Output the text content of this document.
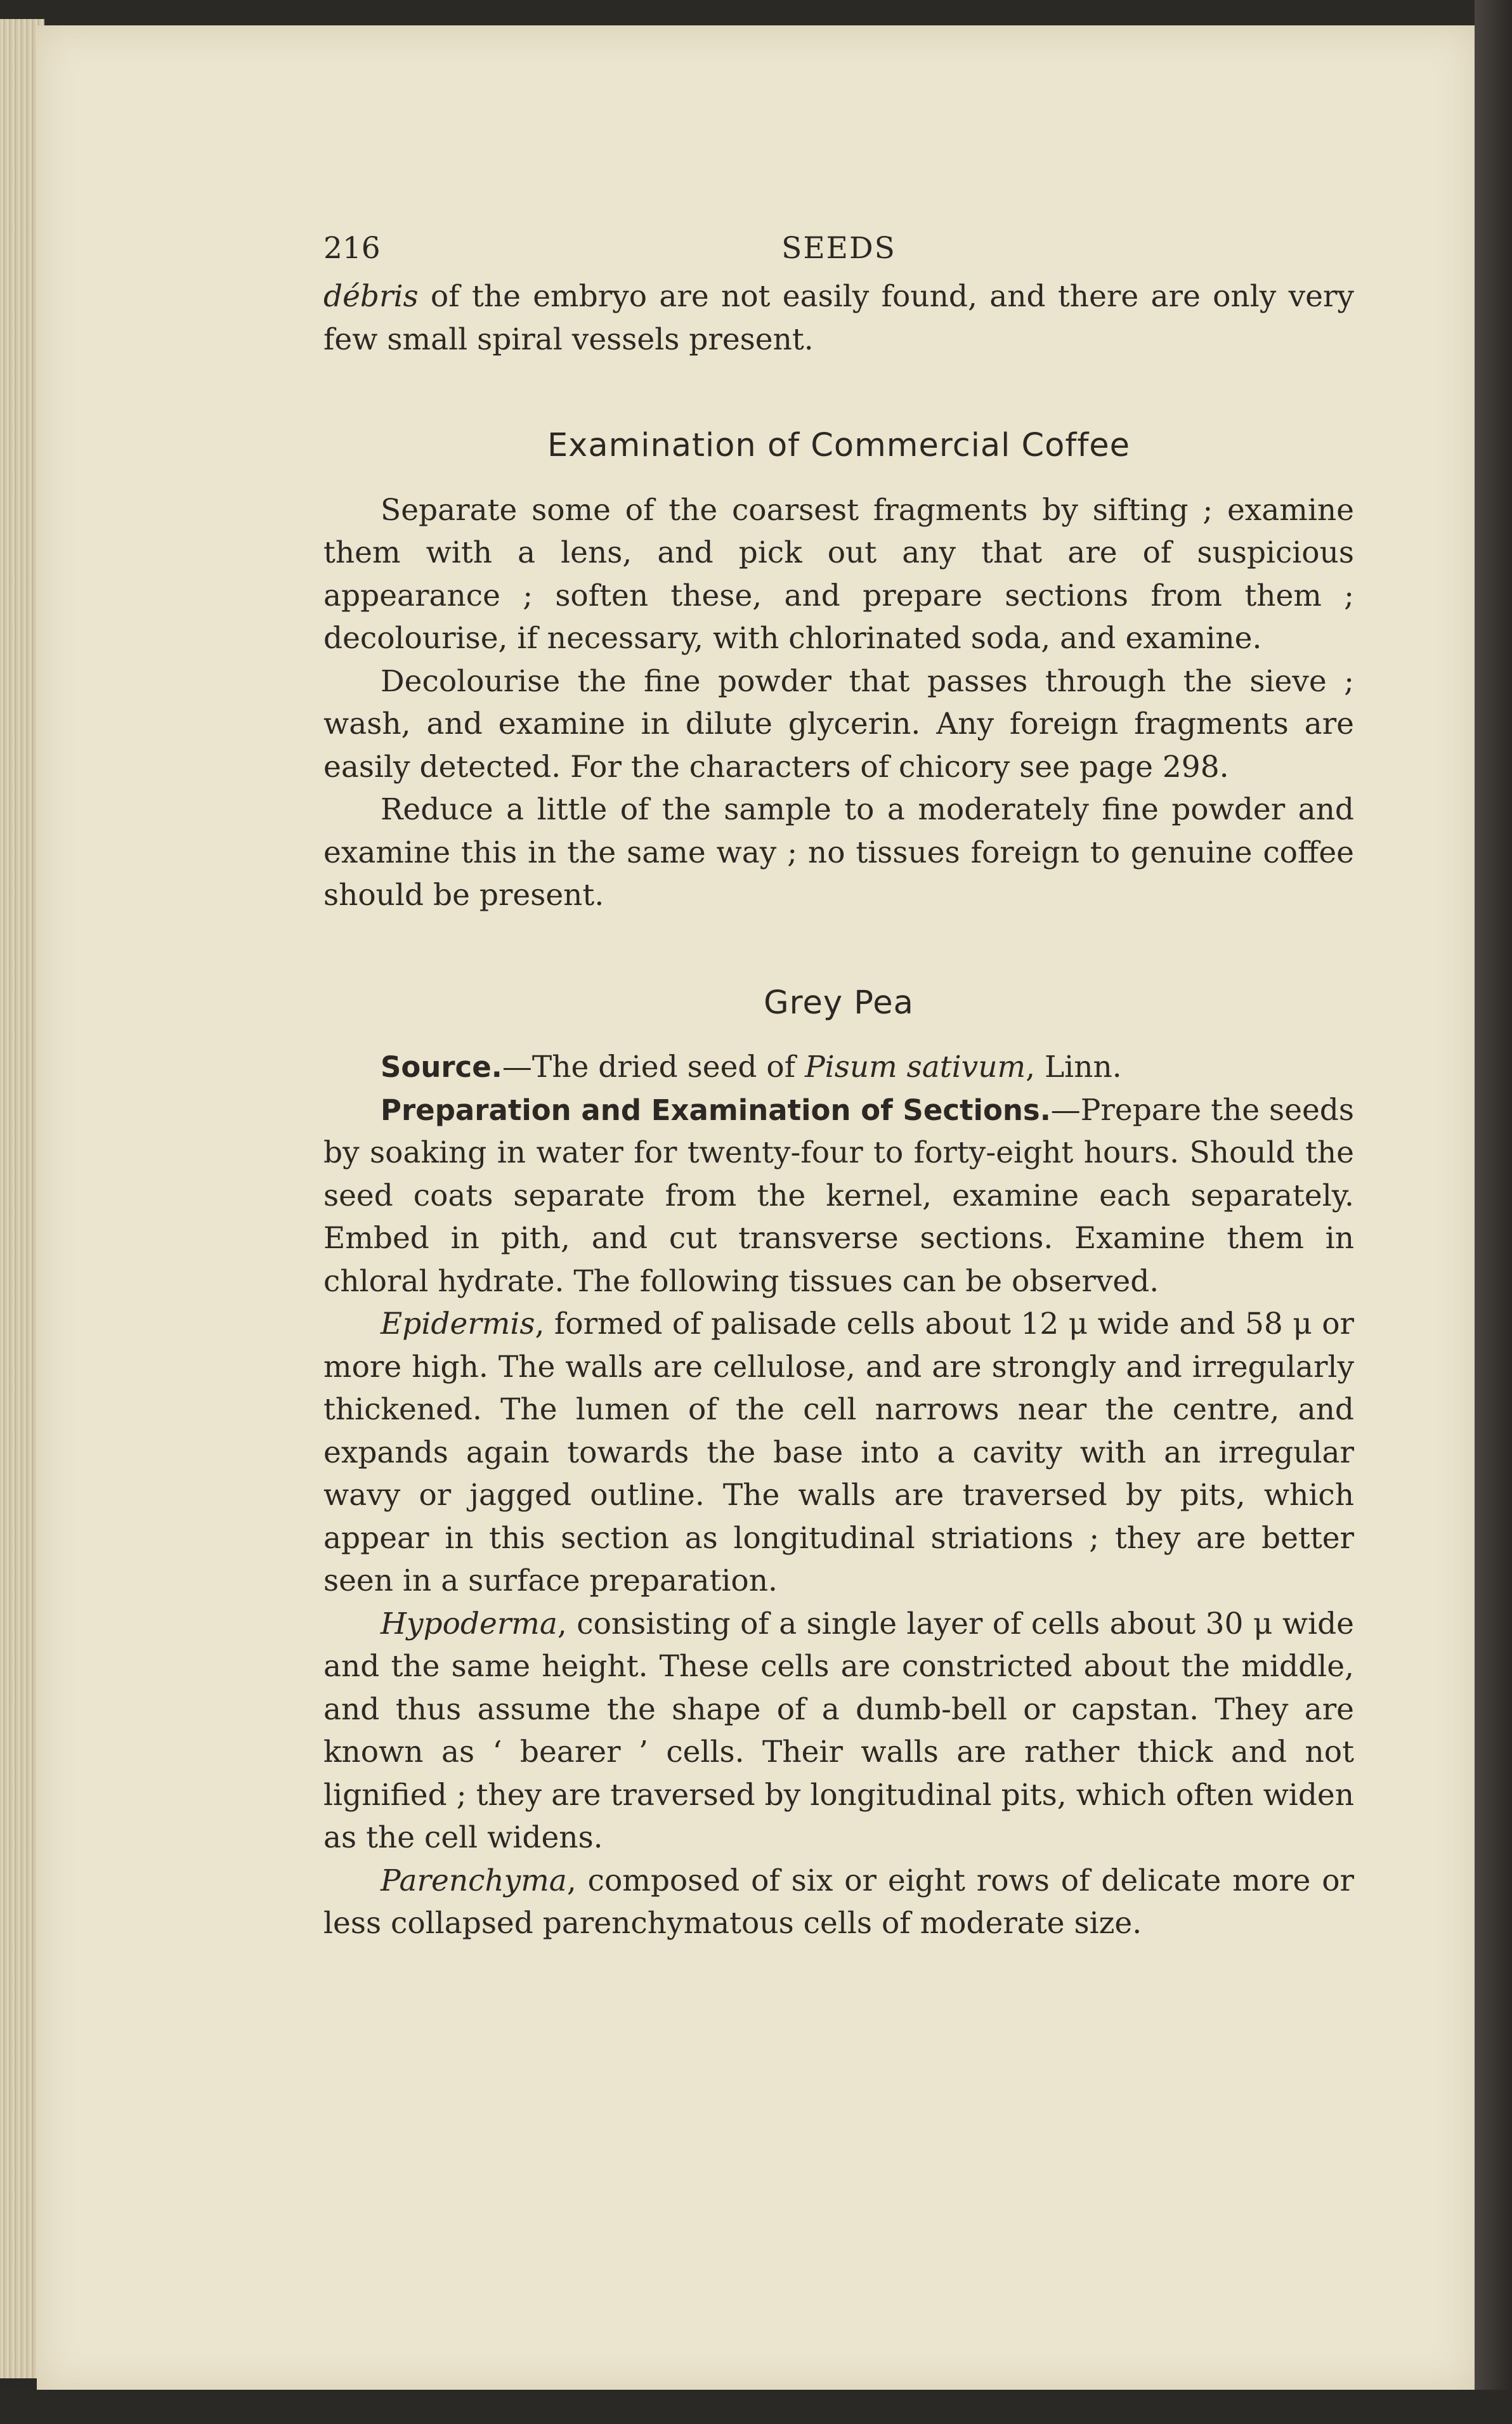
216	SEEDS

débris of the embryo are not easily found, and there are only very few small spiral vessels present.

Examination of Commercial Coffee

Separate some of the coarsest fragments by sifting ; examine them with a lens, and pick out any that are of suspicious appearance ; soften these, and prepare sections from them ; decolourise, if necessary, with chlorinated soda, and examine.

Decolourise the fine powder that passes through the sieve ; wash, and examine in dilute glycerin. Any foreign fragments are easily detected. For the characters of chicory see page 298.

Reduce a little of the sample to a moderately fine powder and examine this in the same way ; no tissues foreign to genuine coffee should be present.

Grey Pea

Source.—The dried seed of Pisum sativum, Linn.

Preparation and Examination of Sections.—Prepare the seeds by soaking in water for twenty-four to forty-eight hours. Should the seed coats separate from the kernel, examine each separately. Embed in pith, and cut transverse sections. Examine them in chloral hydrate. The following tissues can be observed.

Epidermis, formed of palisade cells about 12 μ wide and 58 μ or more high. The walls are cellulose, and are strongly and irregularly thickened. The lumen of the cell narrows near the centre, and expands again towards the base into a cavity with an irregular wavy or jagged outline. The walls are traversed by pits, which appear in this section as longitudinal striations ; they are better seen in a surface preparation.

Hypoderma, consisting of a single layer of cells about 30 μ wide and the same height. These cells are constricted about the middle, and thus assume the shape of a dumb-bell or capstan. They are known as ‘ bearer ’ cells. Their walls are rather thick and not lignified ; they are traversed by longitudinal pits, which often widen as the cell widens.

Parenchyma, composed of six or eight rows of delicate more or less collapsed parenchymatous cells of moderate size.
